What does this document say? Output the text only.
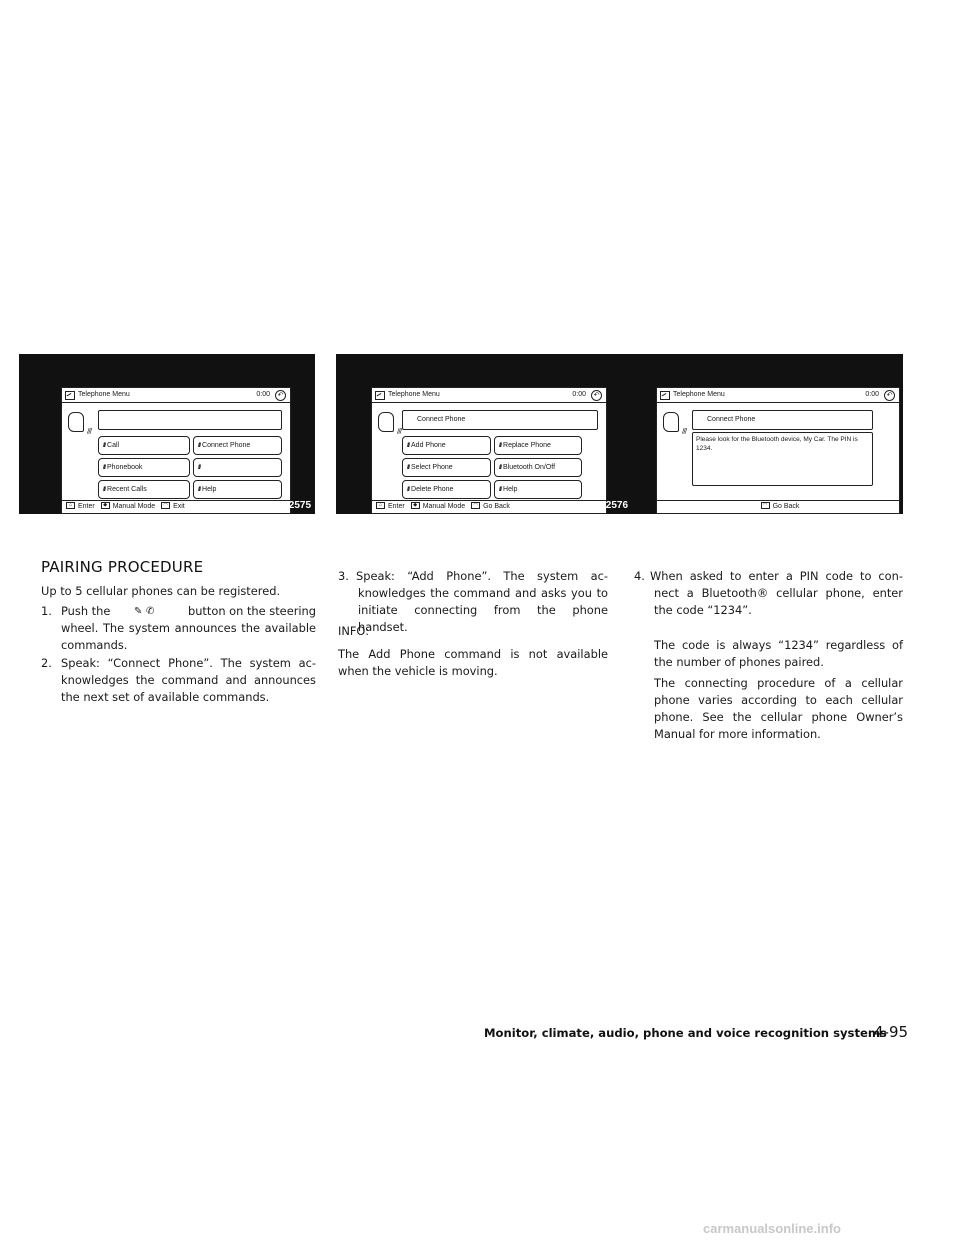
Telephone Menu	0:00	↶
///
/// Call	/// Connect Phone
/// Phonebook	///
/// Recent Calls	/// Help
⌂ Enter ◆ Manual Mode ◠ Exit	SAA2575
Telephone Menu	0:00	↶
///
Connect Phone
/// Add Phone	/// Replace Phone
/// Select Phone	/// Bluetooth On/Off
/// Delete Phone	/// Help
⌂ Enter ◆ Manual Mode ◠ Go Back	SAA2576
Telephone Menu	0:00	↶
///
Connect Phone
Please look for the Bluetooth device, My Car. The PIN is 1234.
◠ Go Back	SAA2577
PAIRING PROCEDURE
Up to 5 cellular phones can be registered.
1. Push the ✎ ✆	button on the steering
wheel. The system announces the available commands.
2. Speak: “Connect Phone”. The system ac-
knowledges the command and announces the next set of available commands.
3. Speak: “Add Phone”. The system ac-
knowledges the command and asks you to initiate connecting from the phone handset.
INFO:
The Add Phone command is not available when the vehicle is moving.
4. When asked to enter a PIN code to con-
nect a Bluetooth® cellular phone, enter the code “1234”.
The code is always “1234” regardless of the number of phones paired.
The connecting procedure of a cellular phone varies according to each cellular phone. See the cellular phone Owner’s Manual for more information.
Monitor, climate, audio, phone and voice recognition systems
4-95
carmanualsonline.info
